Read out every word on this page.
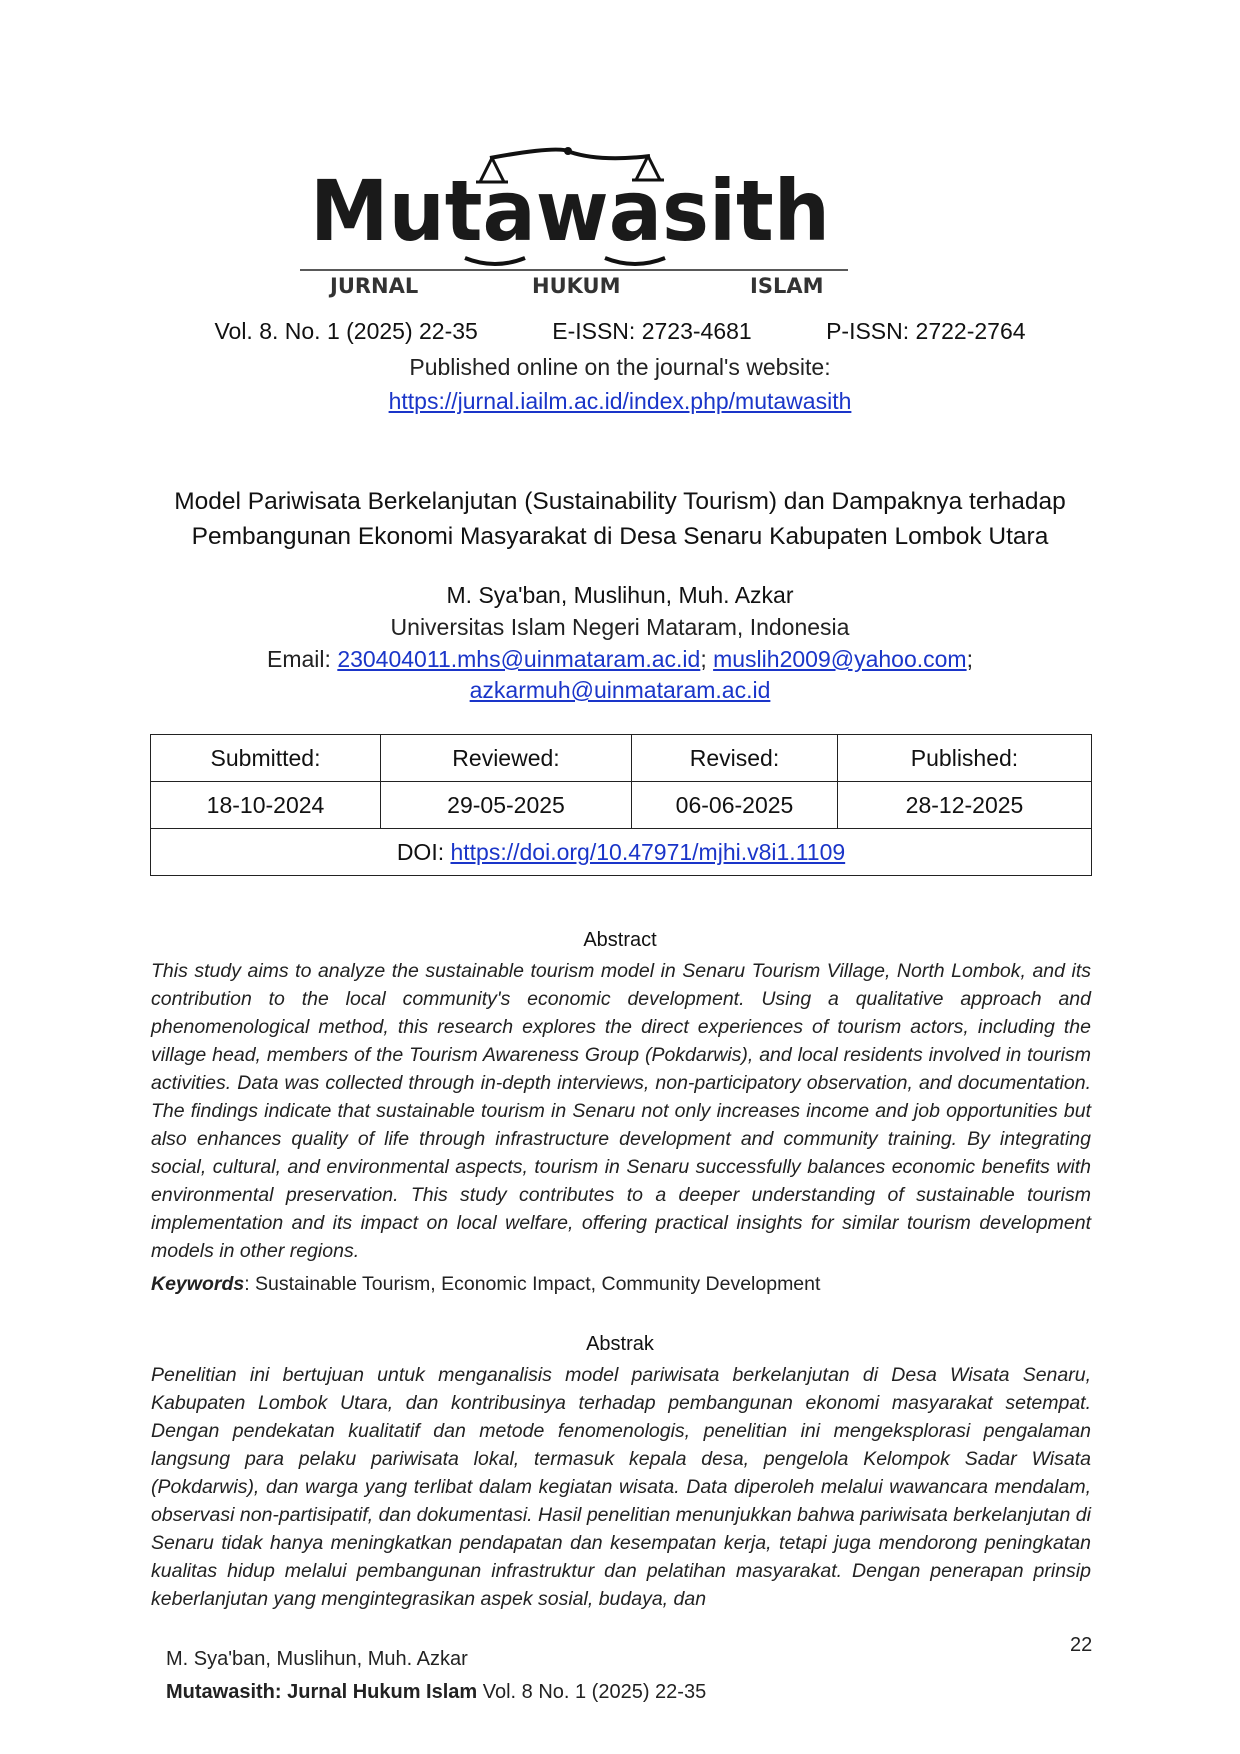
Mutawasith
JURNAL	HUKUM	ISLAM
Vol. 8. No. 1 (2025) 22-35	E-ISSN: 2723-4681	P-ISSN: 2722-2764
Published online on the journal's website:
https://jurnal.iailm.ac.id/index.php/mutawasith
Model Pariwisata Berkelanjutan (Sustainability Tourism) dan Dampaknya terhadap
Pembangunan Ekonomi Masyarakat di Desa Senaru Kabupaten Lombok Utara
M. Sya'ban, Muslihun, Muh. Azkar
Universitas Islam Negeri Mataram, Indonesia
Email: 230404011.mhs@uinmataram.ac.id; muslih2009@yahoo.com;
azkarmuh@uinmataram.ac.id
Submitted:	Reviewed:	Revised:	Published:
18-10-2024	29-05-2025	06-06-2025	28-12-2025
DOI: https://doi.org/10.47971/mjhi.v8i1.1109			
Abstract

This study aims to analyze the sustainable tourism model in Senaru Tourism Village, North Lombok, and its contribution to the local community's economic development. Using a qualitative approach and phenomenological method, this research explores the direct experiences of tourism actors, including the village head, members of the Tourism Awareness Group (Pokdarwis), and local residents involved in tourism activities. Data was collected through in-depth interviews, non-participatory observation, and documentation. The findings indicate that sustainable tourism in Senaru not only increases income and job opportunities but also enhances quality of life through infrastructure development and community training. By integrating social, cultural, and environmental aspects, tourism in Senaru successfully balances economic benefits with environmental preservation. This study contributes to a deeper understanding of sustainable tourism implementation and its impact on local welfare, offering practical insights for similar tourism development models in other regions.

Keywords: Sustainable Tourism, Economic Impact, Community Development
Abstrak

Penelitian ini bertujuan untuk menganalisis model pariwisata berkelanjutan di Desa Wisata Senaru, Kabupaten Lombok Utara, dan kontribusinya terhadap pembangunan ekonomi masyarakat setempat. Dengan pendekatan kualitatif dan metode fenomenologis, penelitian ini mengeksplorasi pengalaman langsung para pelaku pariwisata lokal, termasuk kepala desa, pengelola Kelompok Sadar Wisata (Pokdarwis), dan warga yang terlibat dalam kegiatan wisata. Data diperoleh melalui wawancara mendalam, observasi non-partisipatif, dan dokumentasi. Hasil penelitian menunjukkan bahwa pariwisata berkelanjutan di Senaru tidak hanya meningkatkan pendapatan dan kesempatan kerja, tetapi juga mendorong peningkatan kualitas hidup melalui pembangunan infrastruktur dan pelatihan masyarakat. Dengan penerapan prinsip keberlanjutan yang mengintegrasikan aspek sosial, budaya, dan

M. Sya'ban, Muslihun, Muh. Azkar
Mutawasith: Jurnal Hukum Islam Vol. 8 No. 1 (2025) 22-35
22
